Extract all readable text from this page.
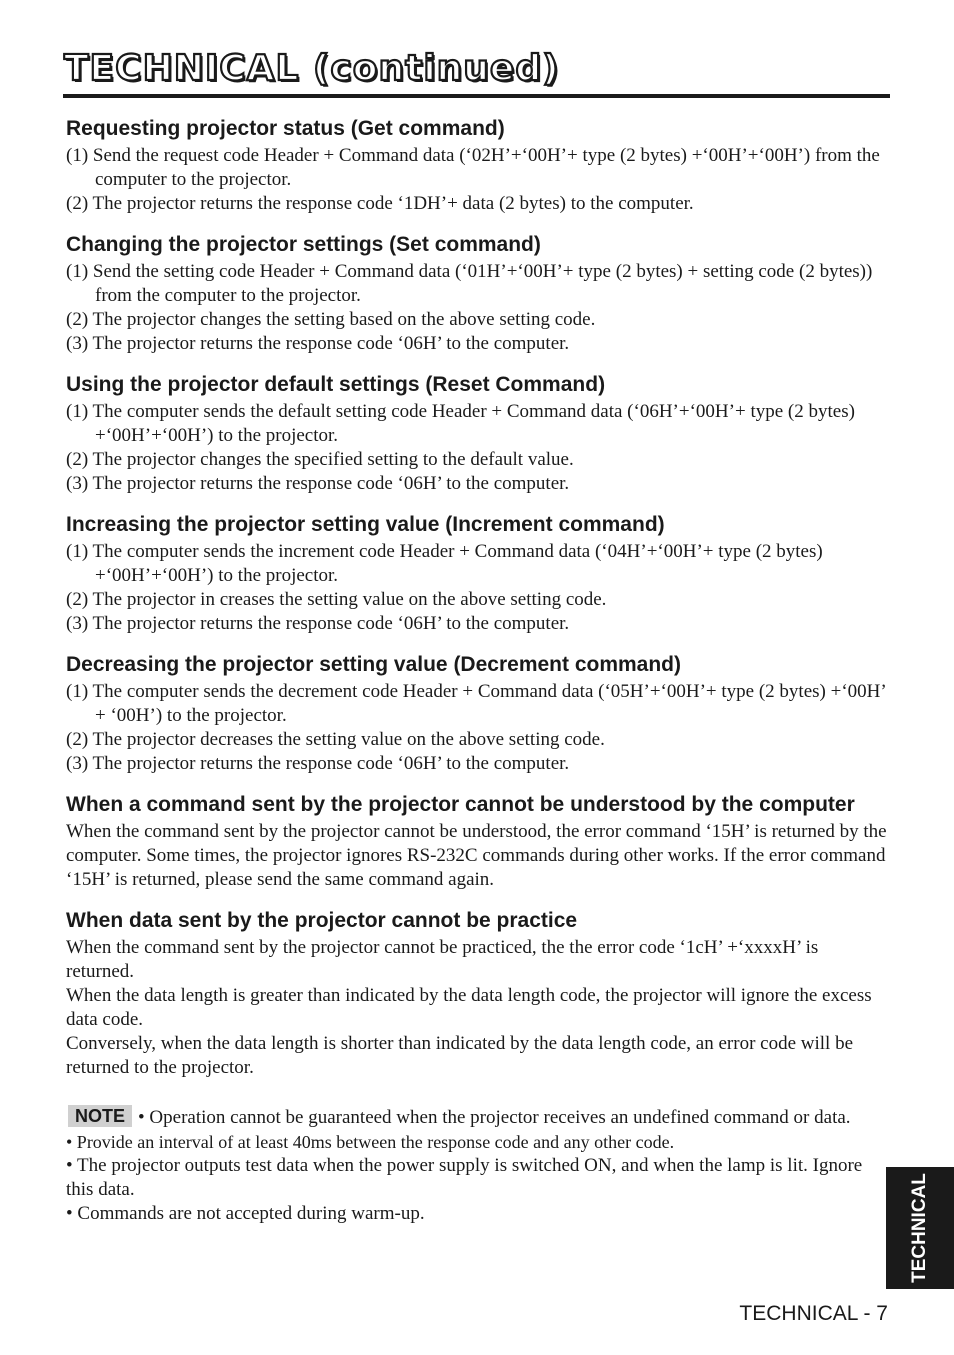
TECHNICAL (continued)
Requesting projector status (Get command)

(1) Send the request code Header + Command data (‘02H’+‘00H’+ type (2 bytes) +‘00H’+‘00H’) from the computer to the projector.

(2) The projector returns the response code ‘1DH’+ data (2 bytes) to the computer.

Changing the projector settings (Set command)

(1) Send the setting code Header + Command data (‘01H’+‘00H’+ type (2 bytes) + setting code (2 bytes)) from the computer to the projector.

(2) The projector changes the setting based on the above setting code.

(3) The projector returns the response code ‘06H’ to the computer.

Using the projector default settings (Reset Command)

(1) The computer sends the default setting code Header + Command data (‘06H’+‘00H’+ type (2 bytes) +‘00H’+‘00H’) to the projector.

(2) The projector changes the specified setting to the default value.

(3) The projector returns the response code ‘06H’ to the computer.

Increasing the projector setting value (Increment command)

(1) The computer sends the increment code Header + Command data (‘04H’+‘00H’+ type (2 bytes) +‘00H’+‘00H’) to the projector.

(2) The projector in creases the setting value on the above setting code.

(3) The projector returns the response code ‘06H’ to the computer.

Decreasing the projector setting value (Decrement command)

(1) The computer sends the decrement code Header + Command data (‘05H’+‘00H’+ type (2 bytes) +‘00H’ + ‘00H’) to the projector.

(2) The projector decreases the setting value on the above setting code.

(3) The projector returns the response code ‘06H’ to the computer.

When a command sent by the projector cannot be understood by the computer

When the command sent by the projector cannot be understood, the error command ‘15H’ is returned by the computer. Some times, the projector ignores RS-232C commands during other works. If the error command ‘15H’ is returned, please send the same command again.

When data sent by the projector cannot be practice

When the command sent by the projector cannot be practiced, the the error code ‘1cH’ +‘xxxxH’ is returned.

When the data length is greater than indicated by the data length code, the projector will ignore the excess data code.

Conversely, when the data length is shorter than indicated by the data length code, an error code will be returned to the projector.

NOTE • Operation cannot be guaranteed when the projector receives an undefined command or data.

• Provide an interval of at least 40ms between the response code and any other code.

• The projector outputs test data when the power supply is switched ON, and when the lamp is lit. Ignore this data.

• Commands are not accepted during warm-up.	TECHNICAL
TECHNICAL - 7
